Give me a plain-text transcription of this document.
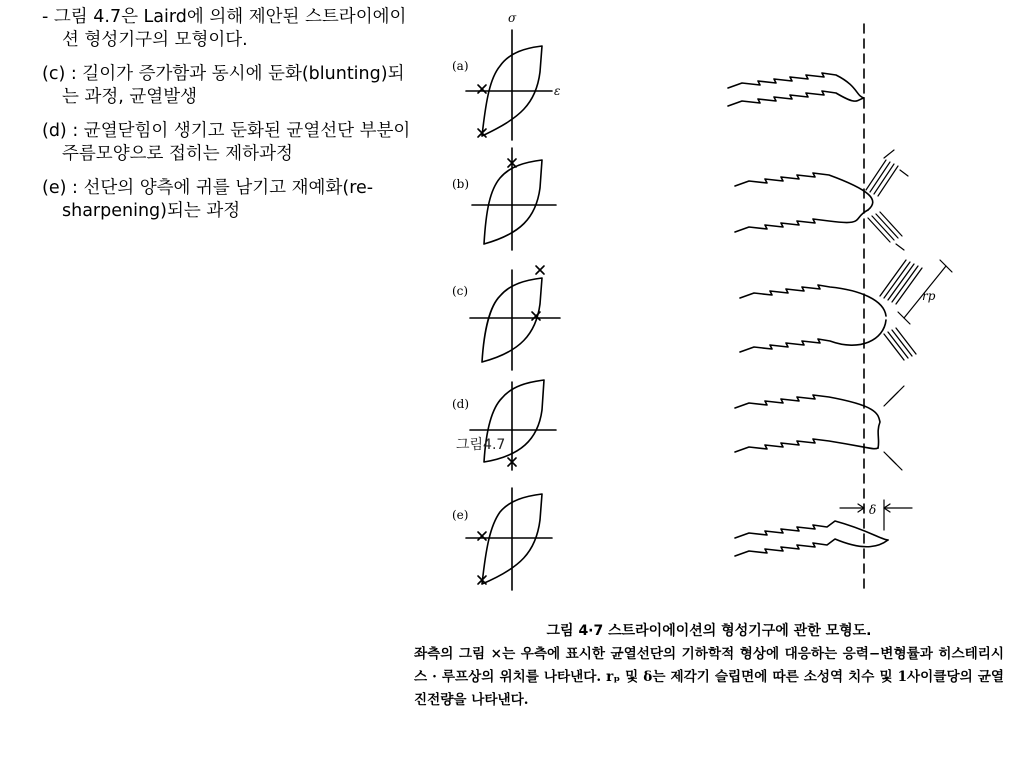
- 그림 4.7은 Laird에 의해 제안된 스트라이에이션 형성기구의 모형이다.

(c) : 길이가 증가함과 동시에 둔화(blunting)되는 과정, 균열발생

(d) : 균열닫힘이 생기고 둔화된 균열선단 부분이 주름모양으로 접히는 제하과정

(e) : 선단의 양측에 귀를 남기고 재예화(re-sharpening)되는 과정

σ
ε
rp
δ
(a)
(b)
(c)
(d)
(e)
그림4.7
그림 4·7 스트라이에이션의 형성기구에 관한 모형도.
좌측의 그림 ×는 우측에 표시한 균열선단의 기하학적 형상에 대응하는 응력−변형률과 히스테리시스 · 루프상의 위치를 나타낸다. rₚ 및 δ는 제각기 슬립면에 따른 소성역 치수 및 1사이클당의 균열진전량을 나타낸다.
